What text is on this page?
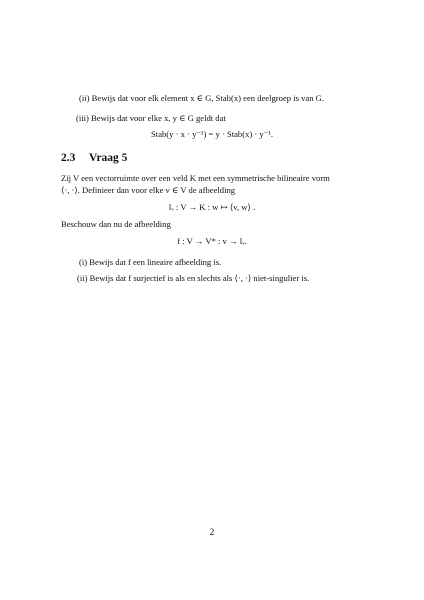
(ii) Bewijs dat voor elk element x ∈ G, Stab(x) een deelgroep is van G.
(iii) Bewijs dat voor elke x, y ∈ G geldt dat
Stab(y · x · y⁻¹) = y · Stab(x) · y⁻¹.
2.3 Vraag 5
Zij V een vectorruimte over een veld K met een symmetrische bilineaire vorm
⟨·, ·⟩. Definieer dan voor elke v ∈ V de afbeelding
lᵥ : V → K : w ↦ ⟨v, w⟩ .
Beschouw dan nu de afbeelding
f : V → V* : v → lᵥ.
(i) Bewijs dat f een lineaire afbeelding is.
(ii) Bewijs dat f surjectief is als en slechts als ⟨·, ·⟩ niet-singulier is.
2
